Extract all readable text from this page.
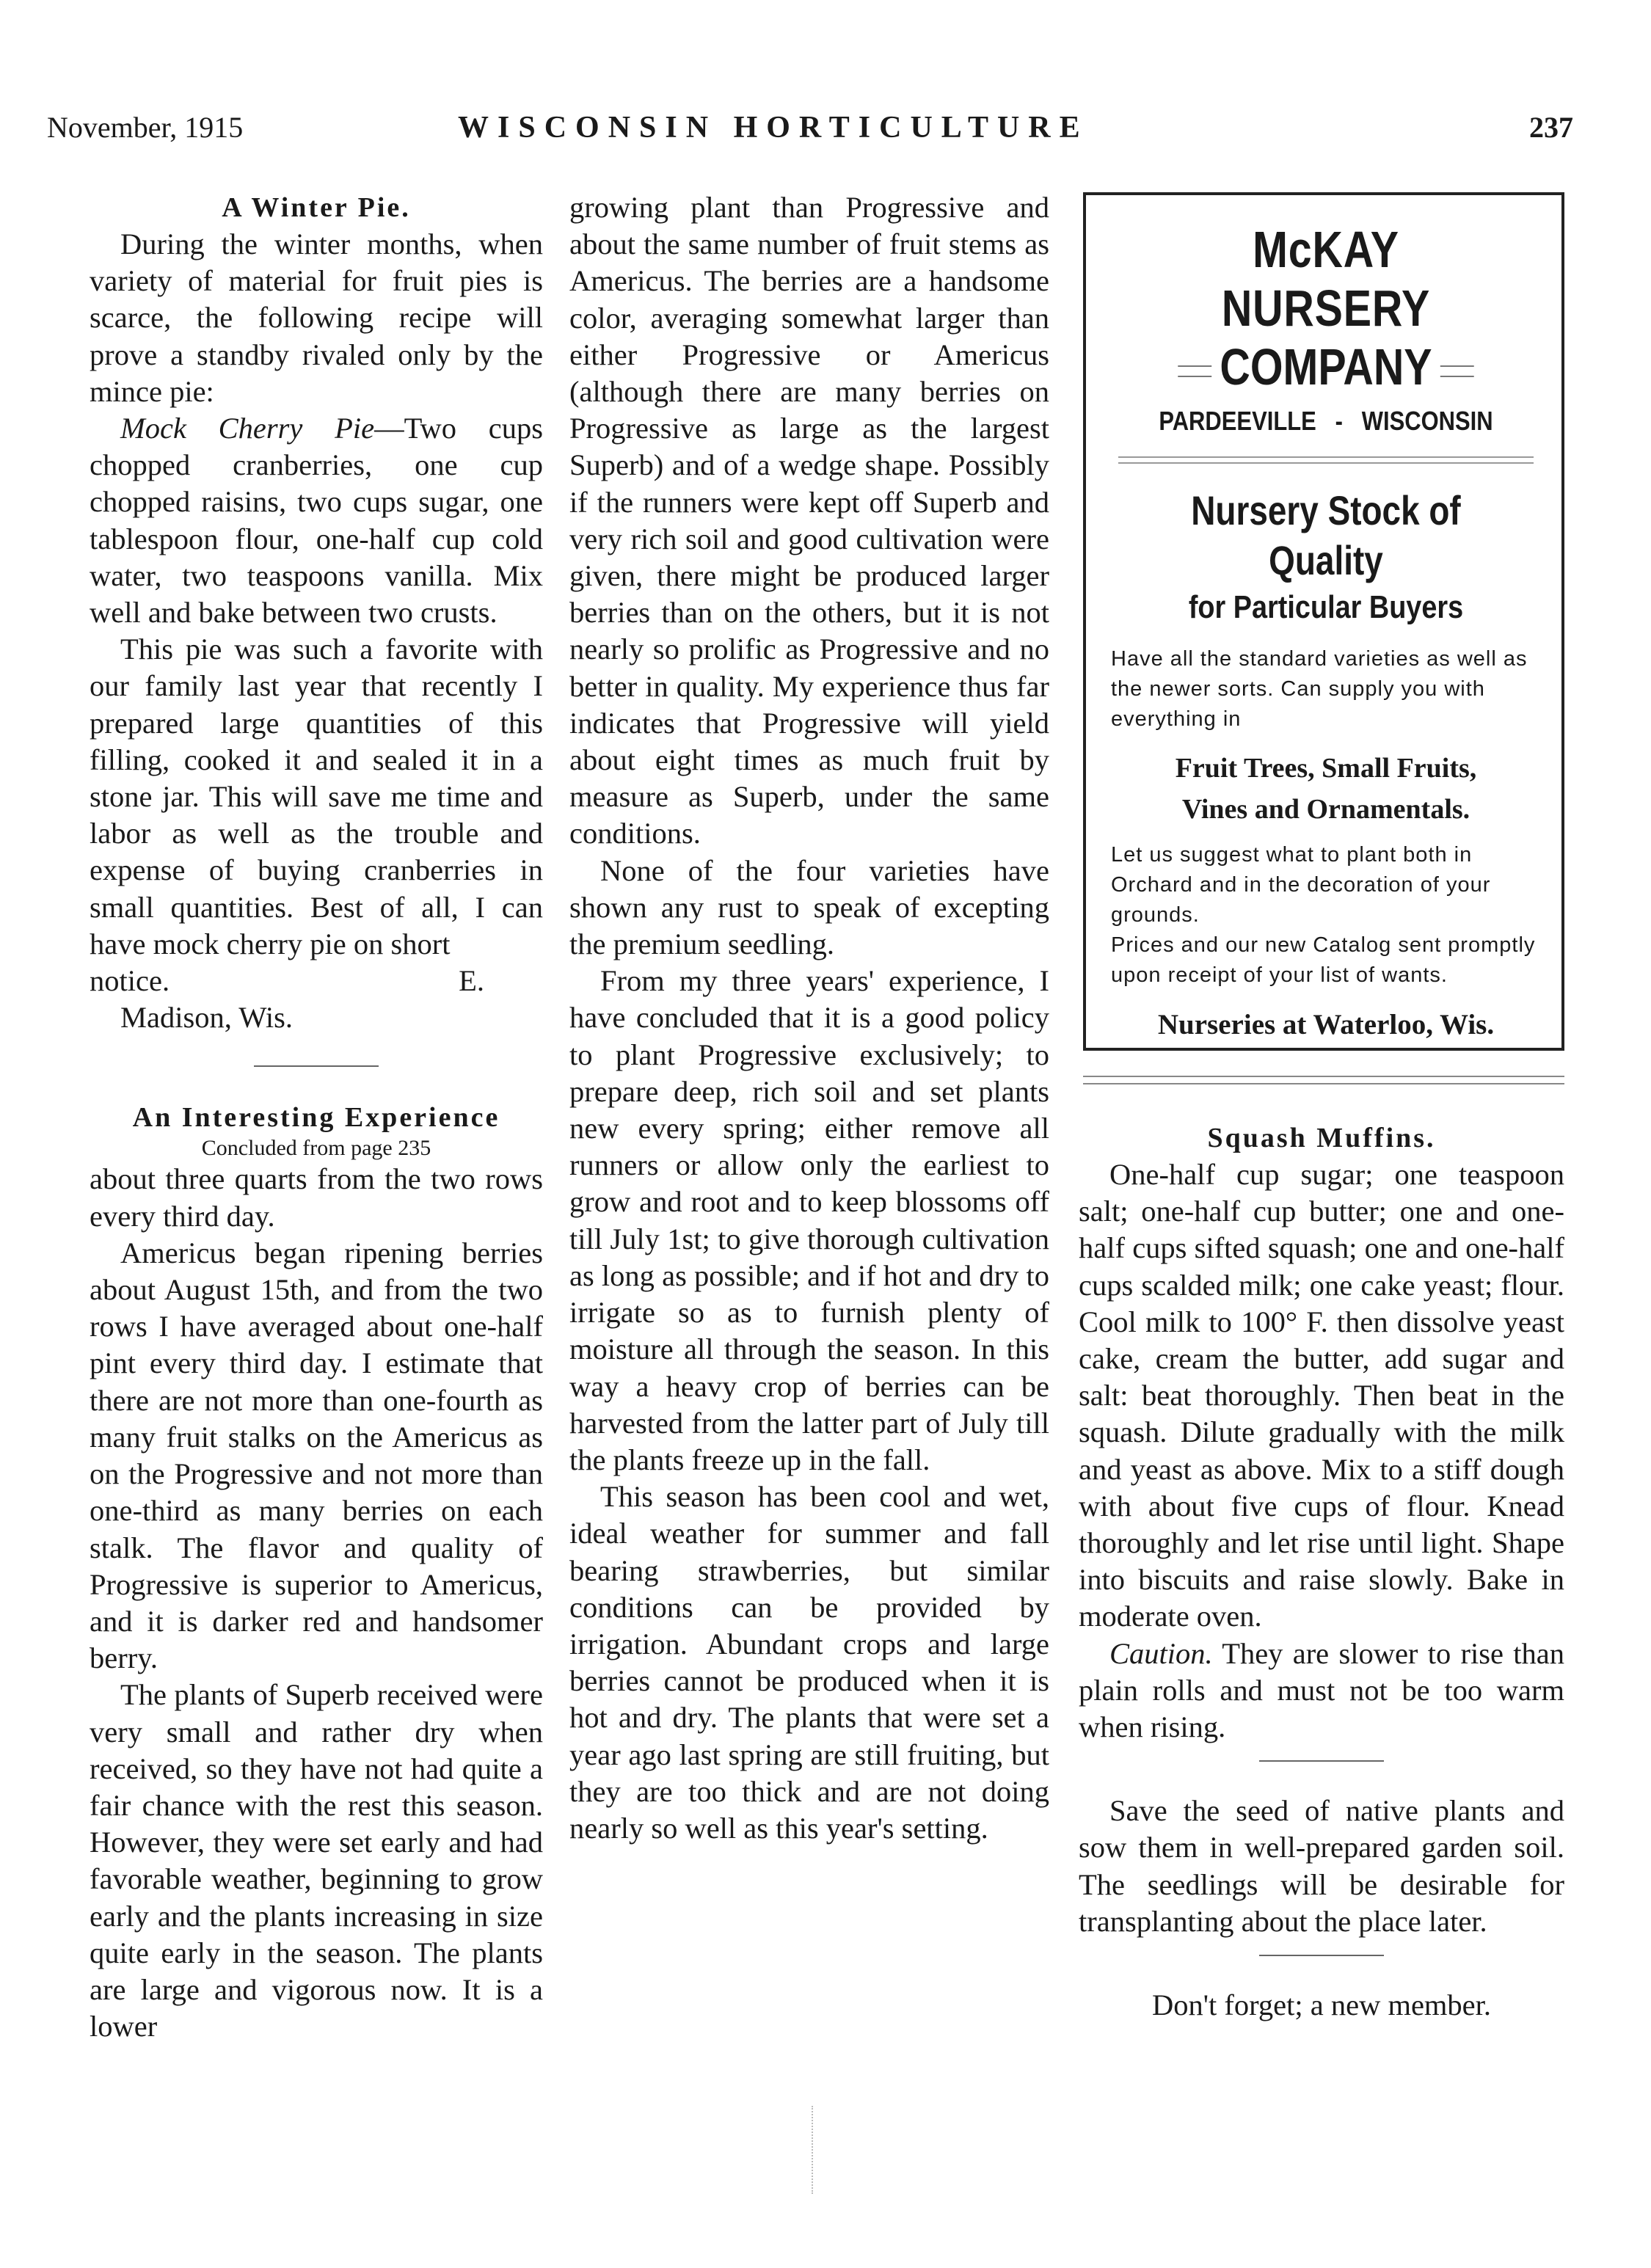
November, 1915	WISCONSIN HORTICULTURE	237
A Winter Pie.

During the winter months, when variety of material for fruit pies is scarce, the following recipe will prove a standby rivaled only by the mince pie:

Mock Cherry Pie—Two cups chopped cranberries, one cup chopped raisins, two cups sugar, one tablespoon flour, one-half cup cold water, two teaspoons vanilla. Mix well and bake between two crusts.

This pie was such a favorite with our family last year that recently I prepared large quantities of this filling, cooked it and sealed it in a stone jar. This will save me time and labor as well as the trouble and expense of buying cranberries in small quantities. Best of all, I can have mock cherry pie on short

notice.	E.

Madison, Wis.

An Interesting Experience
Concluded from page 235

about three quarts from the two rows every third day.

Americus began ripening berries about August 15th, and from the two rows I have averaged about one-half pint every third day. I estimate that there are not more than one-fourth as many fruit stalks on the Americus as on the Progressive and not more than one-third as many berries on each stalk. The flavor and quality of Progressive is superior to Americus, and it is darker red and handsomer berry.

The plants of Superb received were very small and rather dry when received, so they have not had quite a fair chance with the rest this season. However, they were set early and had favorable weather, beginning to grow early and the plants increasing in size quite early in the season. The plants are large and vigorous now. It is a lower

growing plant than Progressive and about the same number of fruit stems as Americus. The berries are a handsome color, averaging somewhat larger than either Progressive or Americus (although there are many berries on Progressive as large as the largest Superb) and of a wedge shape. Possibly if the runners were kept off Superb and very rich soil and good cultivation were given, there might be produced larger berries than on the others, but it is not nearly so prolific as Progressive and no better in quality. My experience thus far indicates that Progressive will yield about eight times as much fruit by measure as Superb, under the same conditions.

None of the four varieties have shown any rust to speak of excepting the premium seedling.

From my three years' experience, I have concluded that it is a good policy to plant Progressive exclusively; to prepare deep, rich soil and set plants new every spring; either remove all runners or allow only the earliest to grow and root and to keep blossoms off till July 1st; to give thorough cultivation as long as possible; and if hot and dry to irrigate so as to furnish plenty of moisture all through the season. In this way a heavy crop of berries can be harvested from the latter part of July till the plants freeze up in the fall.

This season has been cool and wet, ideal weather for summer and fall bearing strawberries, but similar conditions can be provided by irrigation. Abundant crops and large berries cannot be produced when it is hot and dry. The plants that were set a year ago last spring are still fruiting, but they are too thick and are not doing nearly so well as this year's setting.

McKAY NURSERY
COMPANY
PARDEEVILLE - WISCONSIN
Nursery Stock of
Quality
for Particular Buyers
Have all the standard varieties as well as the newer sorts. Can supply you with everything in
Fruit Trees, Small Fruits,
Vines and Ornamentals.
Let us suggest what to plant both in Orchard and in the decoration of your grounds.
Prices and our new Catalog sent promptly upon receipt of your list of wants.
Nurseries at Waterloo, Wis.
Squash Muffins.

One-half cup sugar; one teaspoon salt; one-half cup butter; one and one-half cups sifted squash; one and one-half cups scalded milk; one cake yeast; flour. Cool milk to 100° F. then dissolve yeast cake, cream the butter, add sugar and salt: beat thoroughly. Then beat in the squash. Dilute gradually with the milk and yeast as above. Mix to a stiff dough with about five cups of flour. Knead thoroughly and let rise until light. Shape into biscuits and raise slowly. Bake in moderate oven.

Caution. They are slower to rise than plain rolls and must not be too warm when rising.

Save the seed of native plants and sow them in well-prepared garden soil. The seedlings will be desirable for transplanting about the place later.

Don't forget; a new member.
